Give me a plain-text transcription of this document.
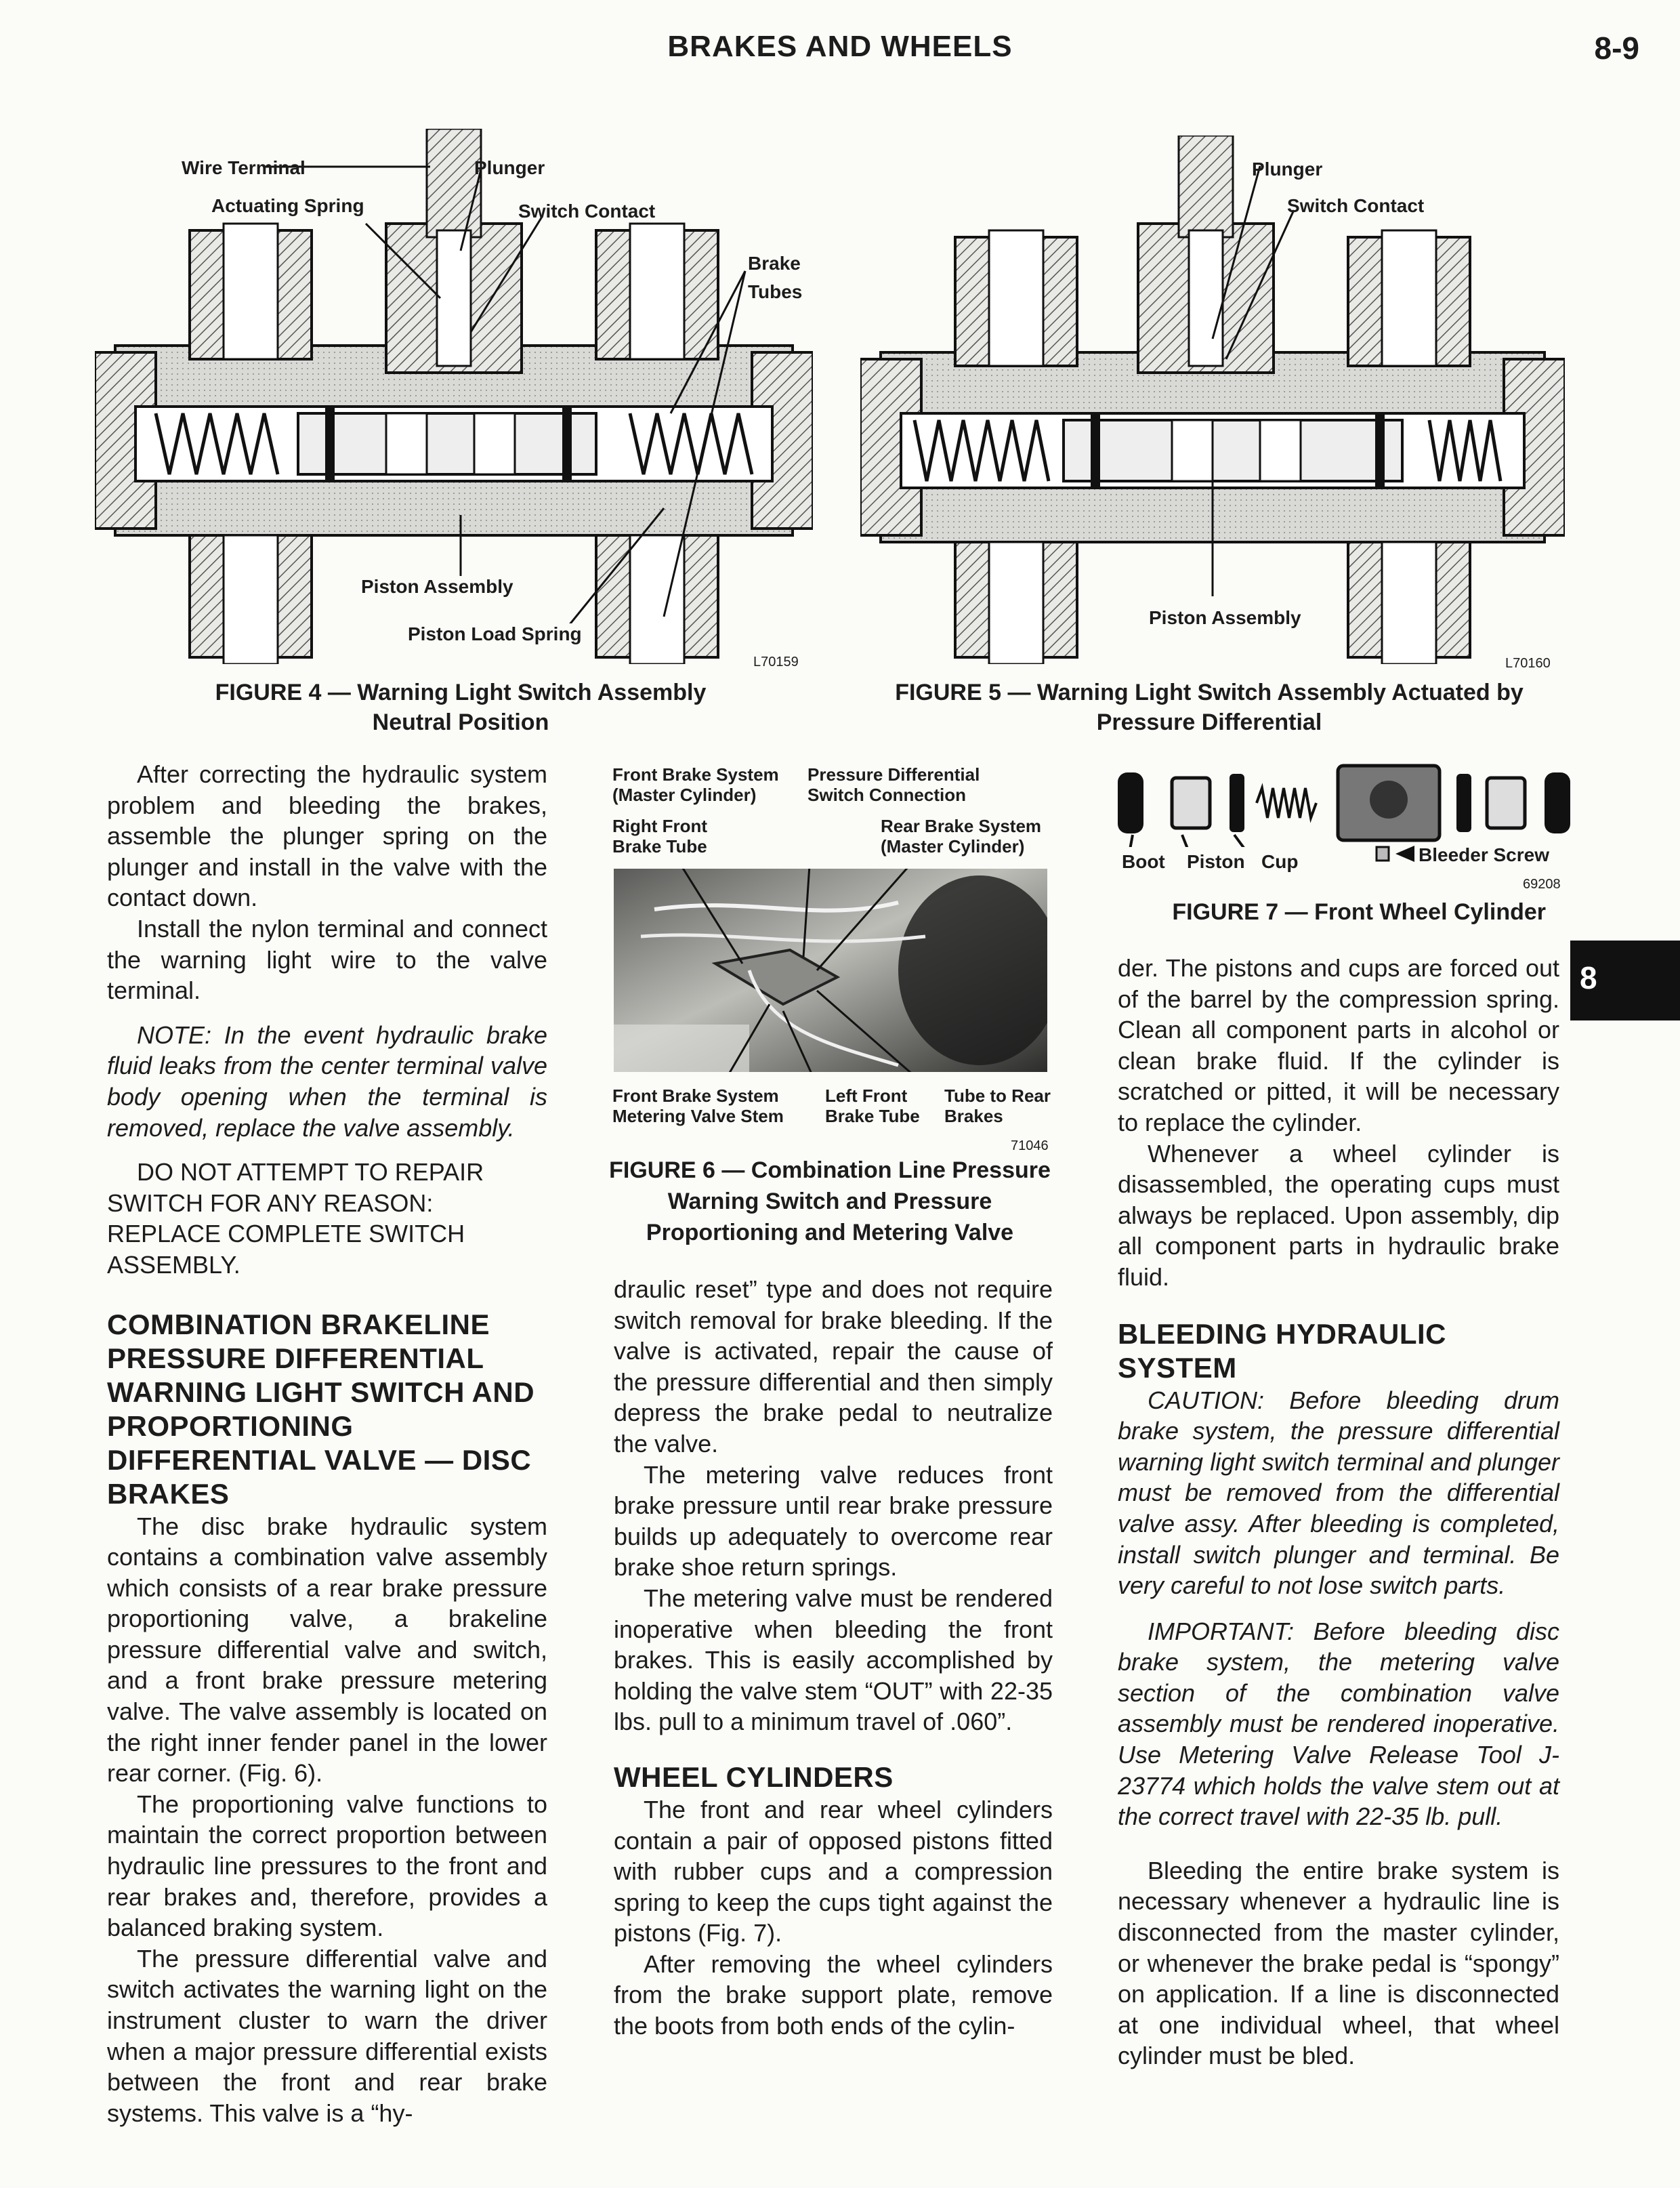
BRAKES AND WHEELS	8-9
8
Wire Terminal
Actuating Spring
Plunger
Switch Contact
Brake Tubes
Piston Assembly
Piston Load Spring
L70159
FIGURE 4 — Warning Light Switch Assembly
Neutral Position
Plunger
Switch Contact
Piston Assembly
L70160
FIGURE 5 — Warning Light Switch Assembly Actuated by
Pressure Differential
Front Brake System (Master Cylinder)
Pressure Differential Switch Connection
Right Front Brake Tube
Rear Brake System (Master Cylinder)
Front Brake System Metering Valve Stem
Left Front Brake Tube
Tube to Rear Brakes
71046
FIGURE 6 — Combination Line Pressure
Warning Switch and Pressure
Proportioning and Metering Valve
Boot Piston Cup	Bleeder Screw
69208
FIGURE 7 — Front Wheel Cylinder

After correcting the hydraulic system problem and bleeding the brakes, assemble the plunger spring on the plunger and install in the valve with the contact down.

Install the nylon terminal and connect the warning light wire to the valve terminal.

NOTE: In the event hydraulic brake fluid leaks from the center terminal valve body opening when the terminal is removed, replace the valve assembly.

DO NOT ATTEMPT TO REPAIR SWITCH FOR ANY REASON: REPLACE COMPLETE SWITCH ASSEMBLY.

COMBINATION BRAKELINE PRESSURE DIFFERENTIAL WARNING LIGHT SWITCH AND PROPORTIONING DIFFERENTIAL VALVE — DISC BRAKES

The disc brake hydraulic system contains a combination valve assembly which consists of a rear brake pressure proportioning valve, a brakeline pressure differential valve and switch, and a front brake pressure metering valve. The valve assembly is located on the right inner fender panel in the lower rear corner. (Fig. 6).

The proportioning valve functions to maintain the correct proportion between hydraulic line pressures to the front and rear brakes and, therefore, provides a balanced braking system.

The pressure differential valve and switch activates the warning light on the instrument cluster to warn the driver when a major pressure differential exists between the front and rear brake systems. This valve is a “hy-

draulic reset” type and does not require switch removal for brake bleeding. If the valve is activated, repair the cause of the pressure differential and then simply depress the brake pedal to neutralize the valve.

The metering valve reduces front brake pressure until rear brake pressure builds up adequately to overcome rear brake shoe return springs.

The metering valve must be rendered inoperative when bleeding the front brakes. This is easily accomplished by holding the valve stem “OUT” with 22-35 lbs. pull to a minimum travel of .060”.

WHEEL CYLINDERS

The front and rear wheel cylinders contain a pair of opposed pistons fitted with rubber cups and a compression spring to keep the cups tight against the pistons (Fig. 7).

After removing the wheel cylinders from the brake support plate, remove the boots from both ends of the cylin-

der. The pistons and cups are forced out of the barrel by the compression spring. Clean all component parts in alcohol or clean brake fluid. If the cylinder is scratched or pitted, it will be necessary to replace the cylinder.

Whenever a wheel cylinder is disassembled, the operating cups must always be replaced. Upon assembly, dip all component parts in hydraulic brake fluid.

BLEEDING HYDRAULIC SYSTEM

CAUTION: Before bleeding drum brake system, the pressure differential warning light switch terminal and plunger must be removed from the differential valve assy. After bleeding is completed, install switch plunger and terminal. Be very careful to not lose switch parts.

IMPORTANT: Before bleeding disc brake system, the metering valve section of the combination valve assembly must be rendered inoperative. Use Metering Valve Release Tool J-23774 which holds the valve stem out at the correct travel with 22-35 lb. pull.

Bleeding the entire brake system is necessary whenever a hydraulic line is disconnected from the master cylinder, or whenever the brake pedal is “spongy” on application. If a line is disconnected at one individual wheel, that wheel cylinder must be bled.
